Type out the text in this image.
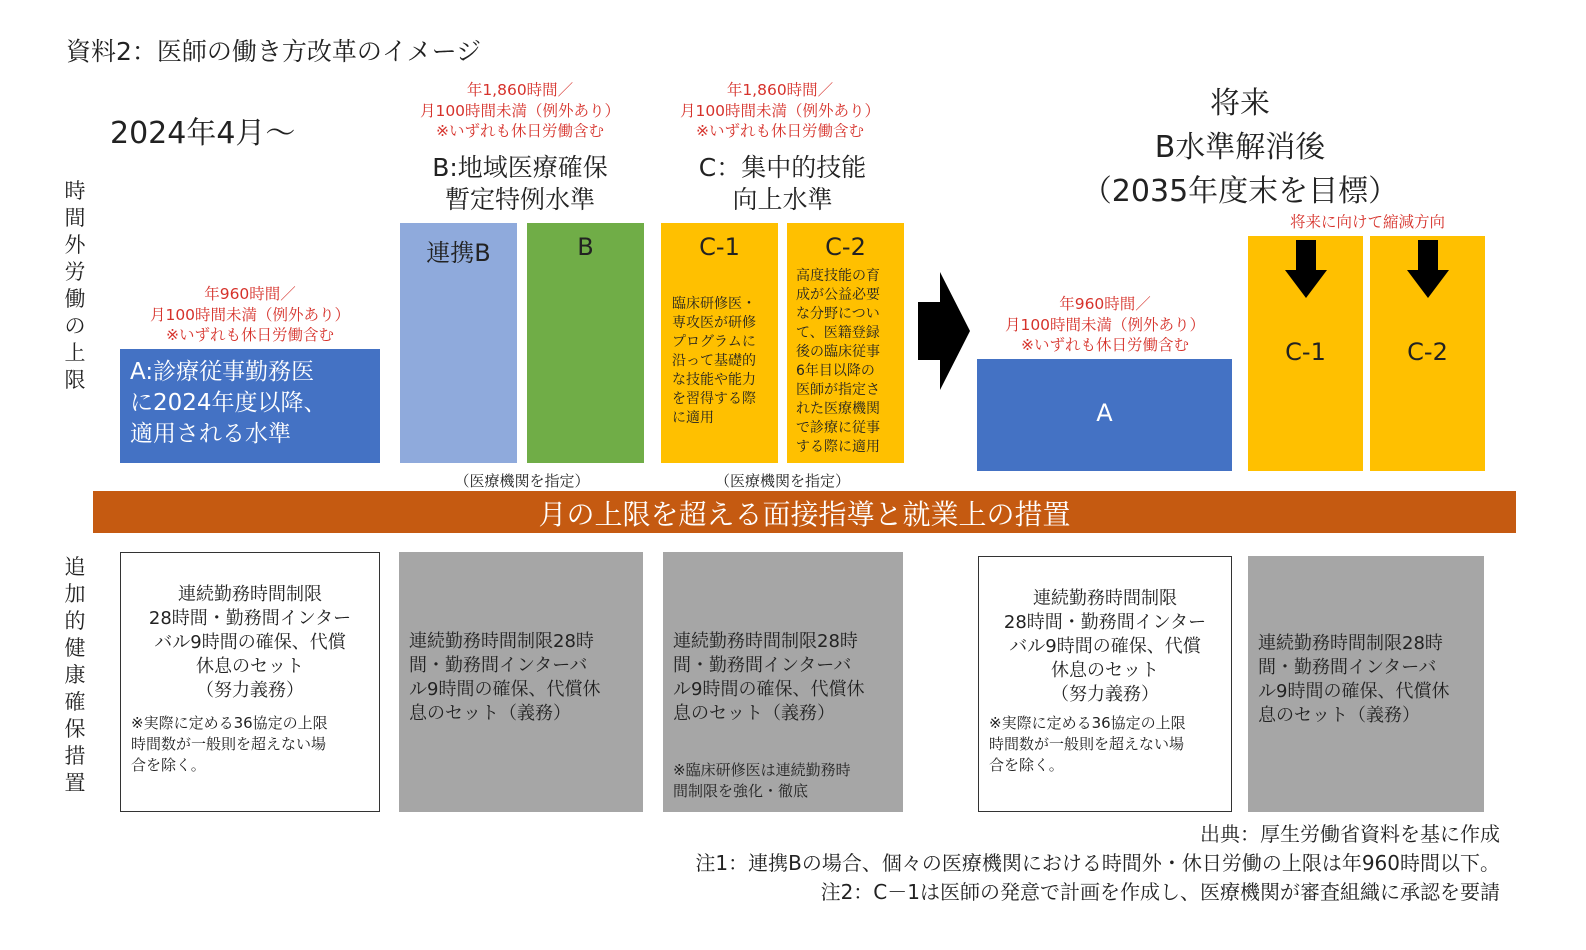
資料2：医師の働き方改革のイメージ
時
間
外
労
働
の
上
限
追
加
的
健
康
確
保
措
置
2024年4月～
年1,860時間／
月100時間未満（例外あり）
※いずれも休日労働含む
年1,860時間／
月100時間未満（例外あり）
※いずれも休日労働含む
B:地域医療確保
暫定特例水準
C：集中的技能
向上水準
将来
B水準解消後
（2035年度末を目標）
将来に向けて縮減方向
年960時間／
月100時間未満（例外あり）
※いずれも休日労働含む
年960時間／
月100時間未満（例外あり）
※いずれも休日労働含む
A:診療従事勤務医
に2024年度以降、
適用される水準
連携B	B	C-1
臨床研修医・
専攻医が研修
プログラムに
沿って基礎的
な技能や能力
を習得する際
に適用
C-2
高度技能の育
成が公益必要
な分野につい
て、医籍登録
後の臨床従事
6年目以降の
医師が指定さ
れた医療機関
で診療に従事
する際に適用
（医療機関を指定）	（医療機関を指定）
A
C-1	C-2
月の上限を超える面接指導と就業上の措置
連続勤務時間制限
28時間・勤務間インター
バル9時間の確保、代償
休息のセット
（努力義務）
※実際に定める36協定の上限
時間数が一般則を超えない場
合を除く。
連続勤務時間制限28時
間・勤務間インターバ
ル9時間の確保、代償休
息のセット（義務）
連続勤務時間制限28時
間・勤務間インターバ
ル9時間の確保、代償休
息のセット（義務）
※臨床研修医は連続勤務時
間制限を強化・徹底
連続勤務時間制限
28時間・勤務間インター
バル9時間の確保、代償
休息のセット
（努力義務）
※実際に定める36協定の上限
時間数が一般則を超えない場
合を除く。
連続勤務時間制限28時
間・勤務間インターバ
ル9時間の確保、代償休
息のセット（義務）
出典：厚生労働省資料を基に作成
注1：連携Bの場合、個々の医療機関における時間外・休日労働の上限は年960時間以下。
注2：C－1は医師の発意で計画を作成し、医療機関が審査組織に承認を要請
